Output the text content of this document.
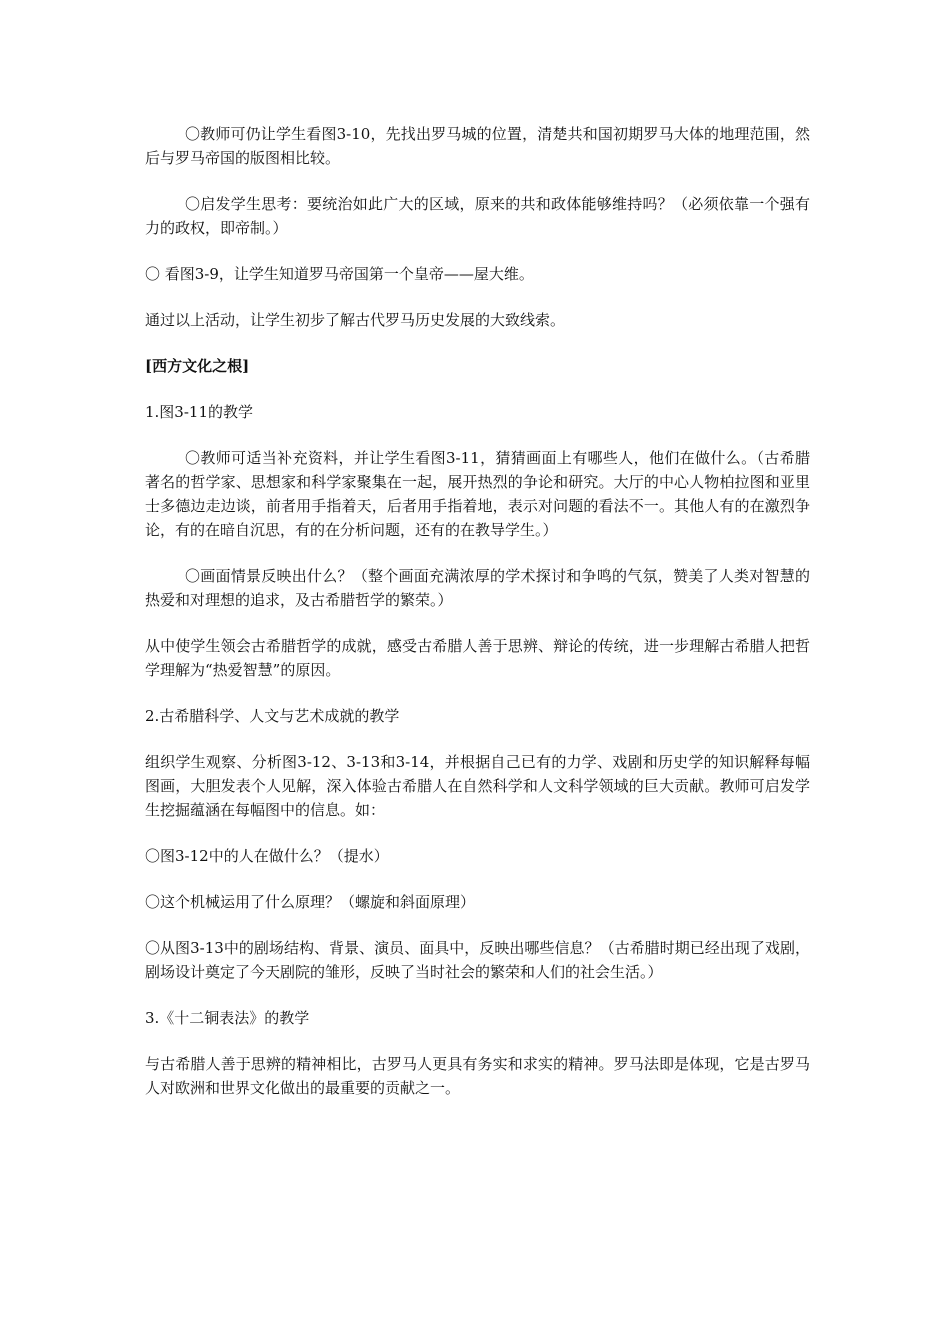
〇教师可仍让学生看图3-10，先找出罗马城的位置，清楚共和国初期罗马大体的地理范围，然后与罗马帝国的版图相比较。

〇启发学生思考：要统治如此广大的区域，原来的共和政体能够维持吗？（必须依靠一个强有力的政权，即帝制。）

〇 看图3-9，让学生知道罗马帝国第一个皇帝——屋大维。

通过以上活动，让学生初步了解古代罗马历史发展的大致线索。

[西方文化之根]

1.图3-11的教学

〇教师可适当补充资料，并让学生看图3-11，猜猜画面上有哪些人，他们在做什么。（古希腊著名的哲学家、思想家和科学家聚集在一起，展开热烈的争论和研究。大厅的中心人物柏拉图和亚里士多德边走边谈，前者用手指着天，后者用手指着地，表示对问题的看法不一。其他人有的在激烈争论，有的在暗自沉思，有的在分析问题，还有的在教导学生。）

〇画面情景反映出什么？（整个画面充满浓厚的学术探讨和争鸣的气氛，赞美了人类对智慧的热爱和对理想的追求，及古希腊哲学的繁荣。）

从中使学生领会古希腊哲学的成就，感受古希腊人善于思辨、辩论的传统，进一步理解古希腊人把哲学理解为“热爱智慧”的原因。

2.古希腊科学、人文与艺术成就的教学

组织学生观察、分析图3-12、3-13和3-14，并根据自己已有的力学、戏剧和历史学的知识解释每幅图画，大胆发表个人见解，深入体验古希腊人在自然科学和人文科学领域的巨大贡献。教师可启发学生挖掘蕴涵在每幅图中的信息。如：

〇图3-12中的人在做什么？（提水）

〇这个机械运用了什么原理？（螺旋和斜面原理）

〇从图3-13中的剧场结构、背景、演员、面具中，反映出哪些信息？（古希腊时期已经出现了戏剧，剧场设计奠定了今天剧院的雏形，反映了当时社会的繁荣和人们的社会生活。）

3.《十二铜表法》的教学

与古希腊人善于思辨的精神相比，古罗马人更具有务实和求实的精神。罗马法即是体现，它是古罗马人对欧洲和世界文化做出的最重要的贡献之一。
